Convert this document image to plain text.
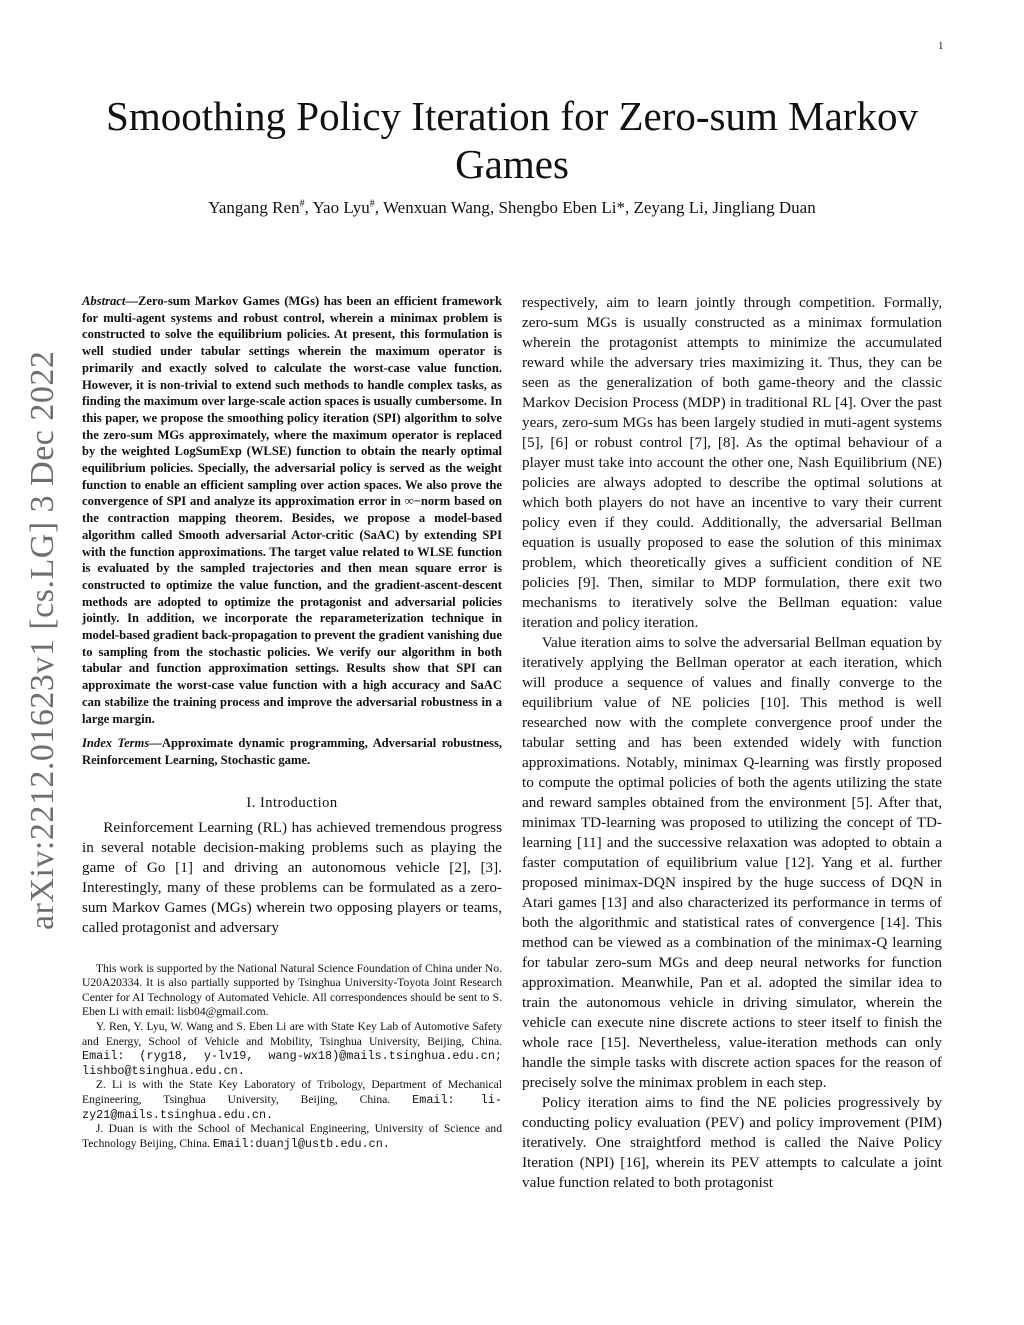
1
Smoothing Policy Iteration for Zero-sum Markov Games
Yangang Ren#, Yao Lyu#, Wenxuan Wang, Shengbo Eben Li*, Zeyang Li, Jingliang Duan
arXiv:2212.01623v1 [cs.LG] 3 Dec 2022

Abstract—Zero-sum Markov Games (MGs) has been an efficient framework for multi-agent systems and robust control, wherein a minimax problem is constructed to solve the equilibrium policies. At present, this formulation is well studied under tabular settings wherein the maximum operator is primarily and exactly solved to calculate the worst-case value function. However, it is non-trivial to extend such methods to handle complex tasks, as finding the maximum over large-scale action spaces is usually cumbersome. In this paper, we propose the smoothing policy iteration (SPI) algorithm to solve the zero-sum MGs approximately, where the maximum operator is replaced by the weighted LogSumExp (WLSE) function to obtain the nearly optimal equilibrium policies. Specially, the adversarial policy is served as the weight function to enable an efficient sampling over action spaces. We also prove the convergence of SPI and analyze its approximation error in ∞−norm based on the contraction mapping theorem. Besides, we propose a model-based algorithm called Smooth adversarial Actor-critic (SaAC) by extending SPI with the function approximations. The target value related to WLSE function is evaluated by the sampled trajectories and then mean square error is constructed to optimize the value function, and the gradient-ascent-descent methods are adopted to optimize the protagonist and adversarial policies jointly. In addition, we incorporate the reparameterization technique in model-based gradient back-propagation to prevent the gradient vanishing due to sampling from the stochastic policies. We verify our algorithm in both tabular and function approximation settings. Results show that SPI can approximate the worst-case value function with a high accuracy and SaAC can stabilize the training process and improve the adversarial robustness in a large margin.

Index Terms—Approximate dynamic programming, Adversarial robustness, Reinforcement Learning, Stochastic game.

I. Introduction

Reinforcement Learning (RL) has achieved tremendous progress in several notable decision-making problems such as playing the game of Go [1] and driving an autonomous vehicle [2], [3]. Interestingly, many of these problems can be formulated as a zero-sum Markov Games (MGs) wherein two opposing players or teams, called protagonist and adversary

This work is supported by the National Natural Science Foundation of China under No. U20A20334. It is also partially supported by Tsinghua University-Toyota Joint Research Center for AI Technology of Automated Vehicle. All correspondences should be sent to S. Eben Li with email: lisb04@gmail.com.

Y. Ren, Y. Lyu, W. Wang and S. Eben Li are with State Key Lab of Automotive Safety and Energy, School of Vehicle and Mobility, Tsinghua University, Beijing, China. Email: (ryg18, y-lv19, wang-wx18)@mails.tsinghua.edu.cn; lishbo@tsinghua.edu.cn.

Z. Li is with the State Key Laboratory of Tribology, Department of Mechanical Engineering, Tsinghua University, Beijing, China. Email: li-zy21@mails.tsinghua.edu.cn.

J. Duan is with the School of Mechanical Engineering, University of Science and Technology Beijing, China. Email:duanjl@ustb.edu.cn.

respectively, aim to learn jointly through competition. Formally, zero-sum MGs is usually constructed as a minimax formulation wherein the protagonist attempts to minimize the accumulated reward while the adversary tries maximizing it. Thus, they can be seen as the generalization of both game-theory and the classic Markov Decision Process (MDP) in traditional RL [4]. Over the past years, zero-sum MGs has been largely studied in muti-agent systems [5], [6] or robust control [7], [8]. As the optimal behaviour of a player must take into account the other one, Nash Equilibrium (NE) policies are always adopted to describe the optimal solutions at which both players do not have an incentive to vary their current policy even if they could. Additionally, the adversarial Bellman equation is usually proposed to ease the solution of this minimax problem, which theoretically gives a sufficient condition of NE policies [9]. Then, similar to MDP formulation, there exit two mechanisms to iteratively solve the Bellman equation: value iteration and policy iteration.

Value iteration aims to solve the adversarial Bellman equation by iteratively applying the Bellman operator at each iteration, which will produce a sequence of values and finally converge to the equilibrium value of NE policies [10]. This method is well researched now with the complete convergence proof under the tabular setting and has been extended widely with function approximations. Notably, minimax Q-learning was firstly proposed to compute the optimal policies of both the agents utilizing the state and reward samples obtained from the environment [5]. After that, minimax TD-learning was proposed to utilizing the concept of TD-learning [11] and the successive relaxation was adopted to obtain a faster computation of equilibrium value [12]. Yang et al. further proposed minimax-DQN inspired by the huge success of DQN in Atari games [13] and also characterized its performance in terms of both the algorithmic and statistical rates of convergence [14]. This method can be viewed as a combination of the minimax-Q learning for tabular zero-sum MGs and deep neural networks for function approximation. Meanwhile, Pan et al. adopted the similar idea to train the autonomous vehicle in driving simulator, wherein the vehicle can execute nine discrete actions to steer itself to finish the whole race [15]. Nevertheless, value-iteration methods can only handle the simple tasks with discrete action spaces for the reason of precisely solve the minimax problem in each step.

Policy iteration aims to find the NE policies progressively by conducting policy evaluation (PEV) and policy improvement (PIM) iteratively. One straightford method is called the Naive Policy Iteration (NPI) [16], wherein its PEV attempts to calculate a joint value function related to both protagonist
